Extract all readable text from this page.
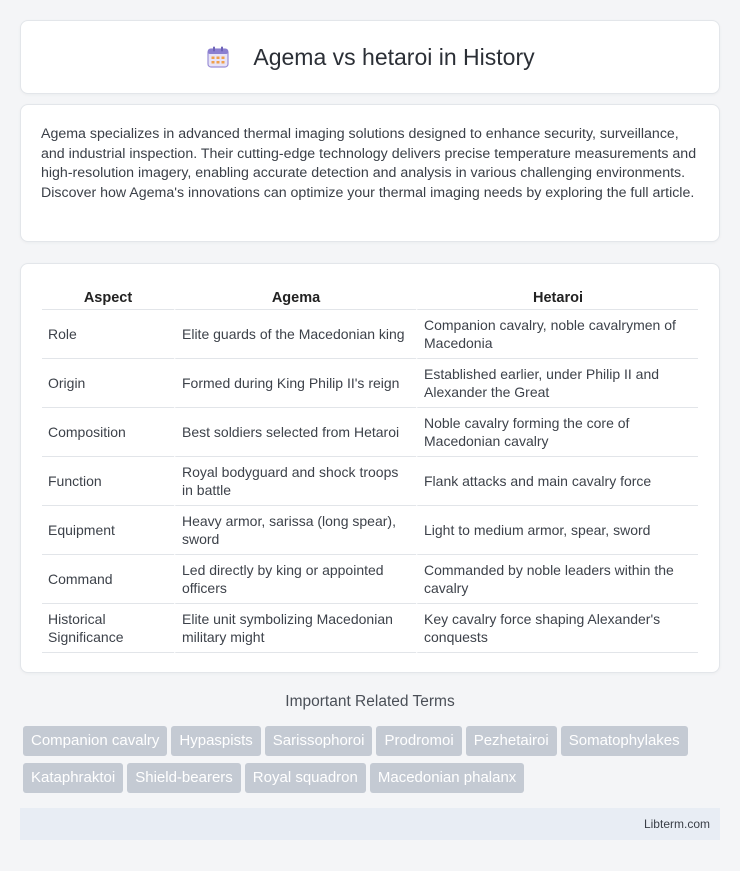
Agema vs hetaroi in History

Agema specializes in advanced thermal imaging solutions designed to enhance security, surveillance, and industrial inspection. Their cutting-edge technology delivers precise temperature measurements and high-resolution imagery, enabling accurate detection and analysis in various challenging environments. Discover how Agema's innovations can optimize your thermal imaging needs by exploring the full article.

Aspect	Agema	Hetaroi
Role	Elite guards of the Macedonian king	Companion cavalry, noble cavalrymen of Macedonia
Origin	Formed during King Philip II's reign	Established earlier, under Philip II and Alexander the Great
Composition	Best soldiers selected from Hetaroi	Noble cavalry forming the core of Macedonian cavalry
Function	Royal bodyguard and shock troops in battle	Flank attacks and main cavalry force
Equipment	Heavy armor, sarissa (long spear), sword	Light to medium armor, spear, sword
Command	Led directly by king or appointed officers	Commanded by noble leaders within the cavalry
Historical Significance	Elite unit symbolizing Macedonian military might	Key cavalry force shaping Alexander's conquests
Important Related Terms
Companion cavalry	Hypaspists	Sarissophoroi	Prodromoi	Pezhetairoi	Somatophylakes
Kataphraktoi	Shield-bearers	Royal squadron	Macedonian phalanx
Libterm.com
